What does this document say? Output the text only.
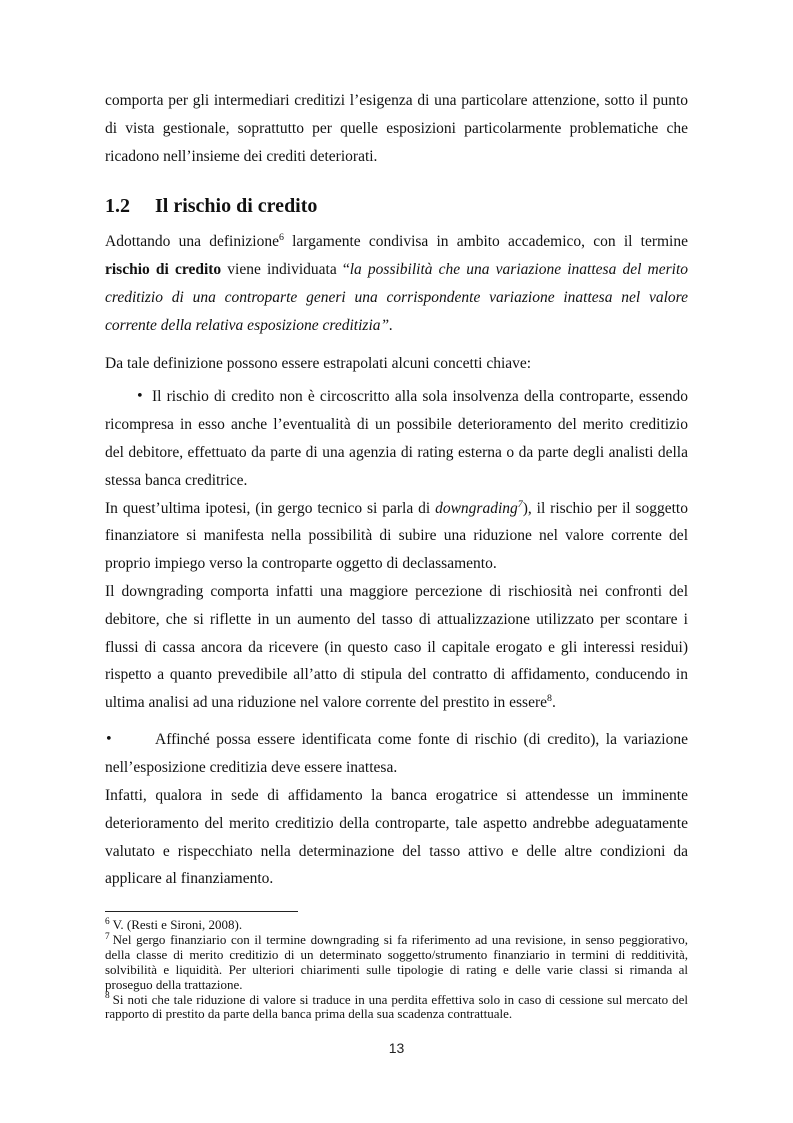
comporta per gli intermediari creditizi l’esigenza di una particolare attenzione, sotto il punto
di vista gestionale, soprattutto per quelle esposizioni particolarmente problematiche che
ricadono nell’insieme dei crediti deteriorati.
1.2 Il rischio di credito
Adottando una definizione$^6$ largamente condivisa in ambito accademico, con il termine
rischio di credito viene individuata “la possibilità che una variazione inattesa del merito
creditizio di una controparte generi una corrispondente variazione inattesa nel valore
corrente della relativa esposizione creditizia”.
Da tale definizione possono essere estrapolati alcuni concetti chiave:
• Il rischio di credito non è circoscritto alla sola insolvenza della controparte, essendo
ricompresa in esso anche l’eventualità di un possibile deterioramento del merito creditizio
del debitore, effettuato da parte di una agenzia di rating esterna o da parte degli analisti della
stessa banca creditrice.
In quest’ultima ipotesi, (in gergo tecnico si parla di downgrading$^7$), il rischio per il soggetto
finanziatore si manifesta nella possibilità di subire una riduzione nel valore corrente del
proprio impiego verso la controparte oggetto di declassamento.
Il downgrading comporta infatti una maggiore percezione di rischiosità nei confronti del
debitore, che si riflette in un aumento del tasso di attualizzazione utilizzato per scontare i
flussi di cassa ancora da ricevere (in questo caso il capitale erogato e gli interessi residui)
rispetto a quanto prevedibile all’atto di stipula del contratto di affidamento, conducendo in
ultima analisi ad una riduzione nel valore corrente del prestito in essere$^8$.
•	Affinché possa essere identificata come fonte di rischio (di credito), la variazione
nell’esposizione creditizia deve essere inattesa.
Infatti, qualora in sede di affidamento la banca erogatrice si attendesse un imminente
deterioramento del merito creditizio della controparte, tale aspetto andrebbe adeguatamente
valutato e rispecchiato nella determinazione del tasso attivo e delle altre condizioni da
applicare al finanziamento.
$^6$ V. (Resti e Sironi, 2008).
$^7$ Nel gergo finanziario con il termine downgrading si fa riferimento ad una revisione, in senso peggiorativo,
della classe di merito creditizio di un determinato soggetto/strumento finanziario in termini di redditività,
solvibilità e liquidità. Per ulteriori chiarimenti sulle tipologie di rating e delle varie classi si rimanda al
proseguo della trattazione.
$^8$ Si noti che tale riduzione di valore si traduce in una perdita effettiva solo in caso di cessione sul mercato del
rapporto di prestito da parte della banca prima della sua scadenza contrattuale.
13
